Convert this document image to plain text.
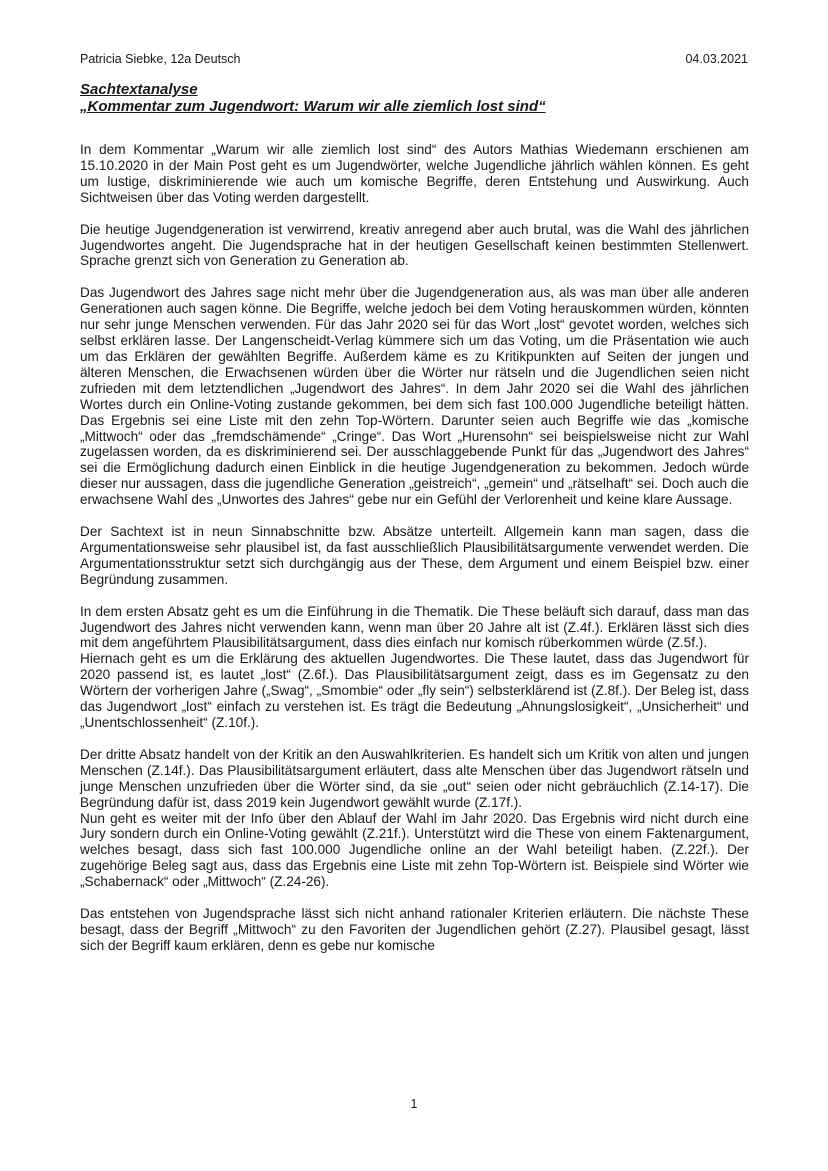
Patricia Siebke, 12a Deutsch	04.03.2021

Sachtextanalyse

„Kommentar zum Jugendwort: Warum wir alle ziemlich lost sind“

In dem Kommentar „Warum wir alle ziemlich lost sind“ des Autors Mathias Wiedemann erschienen am 15.10.2020 in der Main Post geht es um Jugendwörter, welche Jugendliche jährlich wählen können. Es geht um lustige, diskriminierende wie auch um komische Begriffe, deren Entstehung und Auswirkung. Auch Sichtweisen über das Voting werden dargestellt.

Die heutige Jugendgeneration ist verwirrend, kreativ anregend aber auch brutal, was die Wahl des jährlichen Jugendwortes angeht. Die Jugendsprache hat in der heutigen Gesellschaft keinen bestimmten Stellenwert. Sprache grenzt sich von Generation zu Generation ab.

Das Jugendwort des Jahres sage nicht mehr über die Jugendgeneration aus, als was man über alle anderen Generationen auch sagen könne. Die Begriffe, welche jedoch bei dem Voting herauskommen würden, könnten nur sehr junge Menschen verwenden. Für das Jahr 2020 sei für das Wort „lost“ gevotet worden, welches sich selbst erklären lasse. Der Langenscheidt-Verlag kümmere sich um das Voting, um die Präsentation wie auch um das Erklären der gewählten Begriffe. Außerdem käme es zu Kritikpunkten auf Seiten der jungen und älteren Menschen, die Erwachsenen würden über die Wörter nur rätseln und die Jugendlichen seien nicht zufrieden mit dem letztendlichen „Jugendwort des Jahres“. In dem Jahr 2020 sei die Wahl des jährlichen Wortes durch ein Online-Voting zustande gekommen, bei dem sich fast 100.000 Jugendliche beteiligt hätten. Das Ergebnis sei eine Liste mit den zehn Top-Wörtern. Darunter seien auch Begriffe wie das „komische „Mittwoch“ oder das „fremdschämende“ „Cringe“. Das Wort „Hurensohn“ sei beispielsweise nicht zur Wahl zugelassen worden, da es diskriminierend sei. Der ausschlaggebende Punkt für das „Jugendwort des Jahres“ sei die Ermöglichung dadurch einen Einblick in die heutige Jugendgeneration zu bekommen. Jedoch würde dieser nur aussagen, dass die jugendliche Generation „geistreich“, „gemein“ und „rätselhaft“ sei. Doch auch die erwachsene Wahl des „Unwortes des Jahres“ gebe nur ein Gefühl der Verlorenheit und keine klare Aussage.

Der Sachtext ist in neun Sinnabschnitte bzw. Absätze unterteilt. Allgemein kann man sagen, dass die Argumentationsweise sehr plausibel ist, da fast ausschließlich Plausibilitätsargumente verwendet werden. Die Argumentationsstruktur setzt sich durchgängig aus der These, dem Argument und einem Beispiel bzw. einer Begründung zusammen.

In dem ersten Absatz geht es um die Einführung in die Thematik. Die These beläuft sich darauf, dass man das Jugendwort des Jahres nicht verwenden kann, wenn man über 20 Jahre alt ist (Z.4f.). Erklären lässt sich dies mit dem angeführtem Plausibilitätsargument, dass dies einfach nur komisch rüberkommen würde (Z.5f.).
Hiernach geht es um die Erklärung des aktuellen Jugendwortes. Die These lautet, dass das Jugendwort für 2020 passend ist, es lautet „lost“ (Z.6f.). Das Plausibilitätsargument zeigt, dass es im Gegensatz zu den Wörtern der vorherigen Jahre („Swag“, „Smombie“ oder „fly sein“) selbsterklärend ist (Z.8f.). Der Beleg ist, dass das Jugendwort „lost“ einfach zu verstehen ist. Es trägt die Bedeutung „Ahnungslosigkeit“, „Unsicherheit“ und „Unentschlossenheit“ (Z.10f.).

Der dritte Absatz handelt von der Kritik an den Auswahlkriterien. Es handelt sich um Kritik von alten und jungen Menschen (Z.14f.). Das Plausibilitätsargument erläutert, dass alte Menschen über das Jugendwort rätseln und junge Menschen unzufrieden über die Wörter sind, da sie „out“ seien oder nicht gebräuchlich (Z.14-17). Die Begründung dafür ist, dass 2019 kein Jugendwort gewählt wurde (Z.17f.).
Nun geht es weiter mit der Info über den Ablauf der Wahl im Jahr 2020. Das Ergebnis wird nicht durch eine Jury sondern durch ein Online-Voting gewählt (Z.21f.). Unterstützt wird die These von einem Faktenargument, welches besagt, dass sich fast 100.000 Jugendliche online an der Wahl beteiligt haben. (Z.22f.). Der zugehörige Beleg sagt aus, dass das Ergebnis eine Liste mit zehn Top-Wörtern ist. Beispiele sind Wörter wie „Schabernack“ oder „Mittwoch“ (Z.24-26).

Das entstehen von Jugendsprache lässt sich nicht anhand rationaler Kriterien erläutern. Die nächste These besagt, dass der Begriff „Mittwoch“ zu den Favoriten der Jugendlichen gehört (Z.27). Plausibel gesagt, lässt sich der Begriff kaum erklären, denn es gebe nur komische

1
